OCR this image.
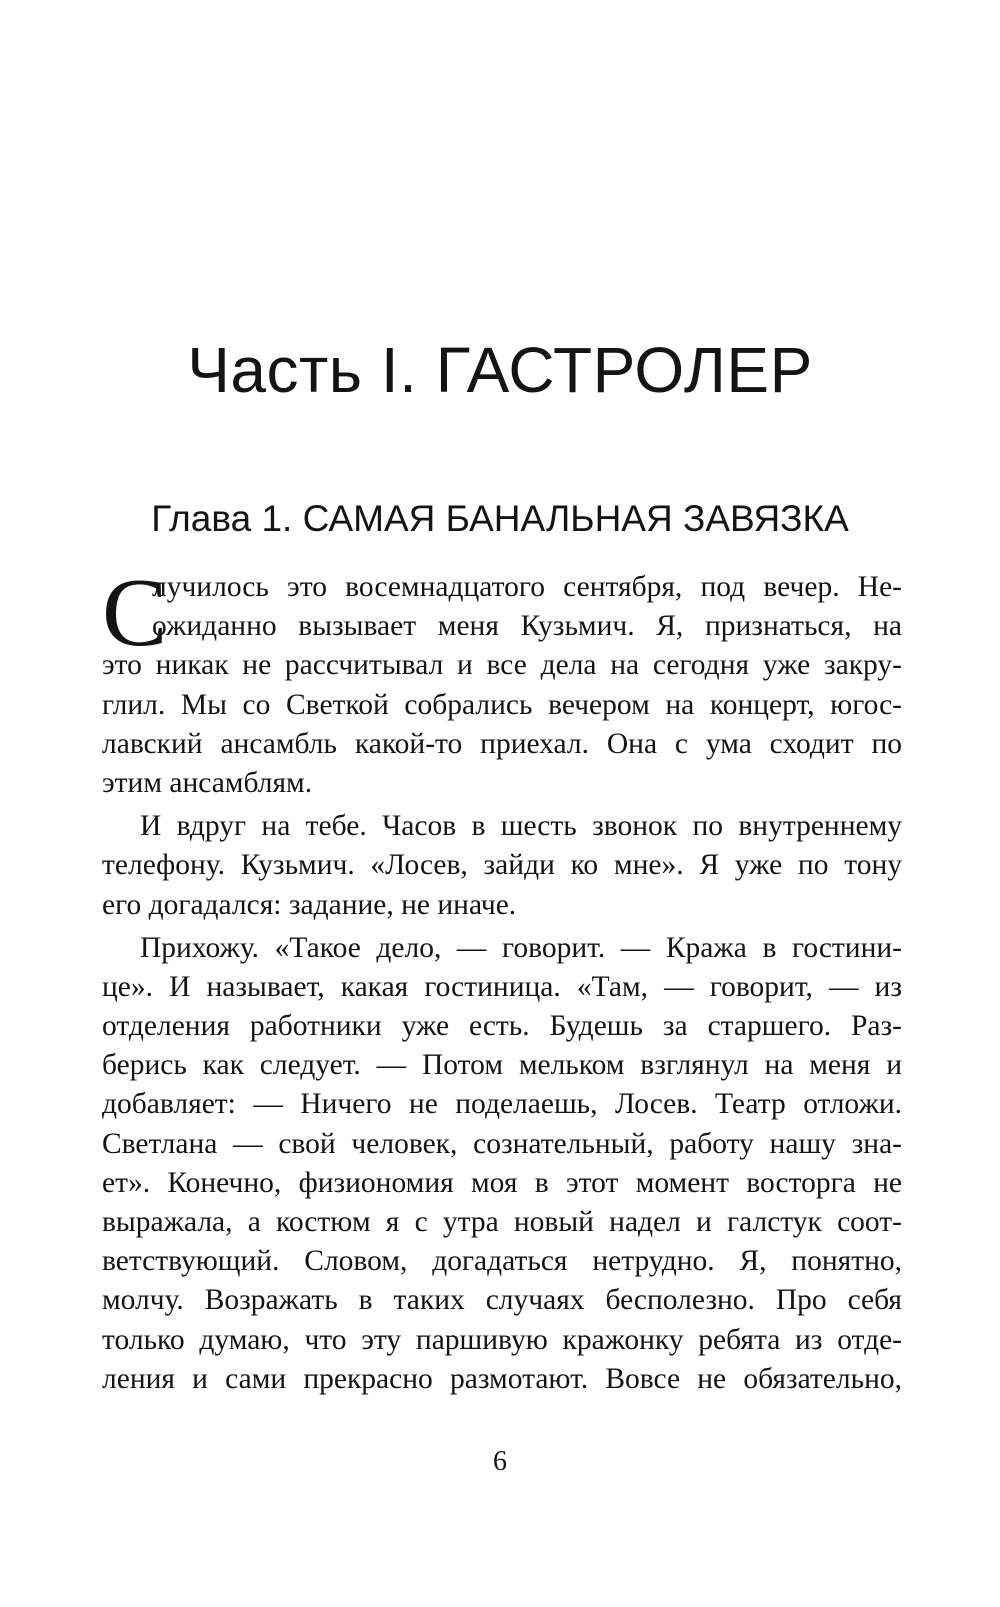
Часть I. ГАСТРОЛЕР
Глава 1. САМАЯ БАНАЛЬНАЯ ЗАВЯЗКА
С
лучилось это восемнадцатого сентября, под вечер. Не-
ожиданно вызывает меня Кузьмич. Я, признаться, на
это никак не рассчитывал и все дела на сегодня уже закру-
глил. Мы со Светкой собрались вечером на концерт, югос-
лавский ансамбль какой-то приехал. Она с ума сходит по
этим ансамблям.
И вдруг на тебе. Часов в шесть звонок по внутреннему
телефону. Кузьмич. «Лосев, зайди ко мне». Я уже по тону
его догадался: задание, не иначе.
Прихожу. «Такое дело, — говорит. — Кража в гостини-
це». И называет, какая гостиница. «Там, — говорит, — из
отделения работники уже есть. Будешь за старшего. Раз-
берись как следует. — Потом мельком взглянул на меня и
добавляет: — Ничего не поделаешь, Лосев. Театр отложи.
Светлана — свой человек, сознательный, работу нашу зна-
ет». Конечно, физиономия моя в этот момент восторга не
выражала, а костюм я с утра новый надел и галстук соот-
ветствующий. Словом, догадаться нетрудно. Я, понятно,
молчу. Возражать в таких случаях бесполезно. Про себя
только думаю, что эту паршивую кражонку ребята из отде-
ления и сами прекрасно размотают. Вовсе не обязательно,
6
